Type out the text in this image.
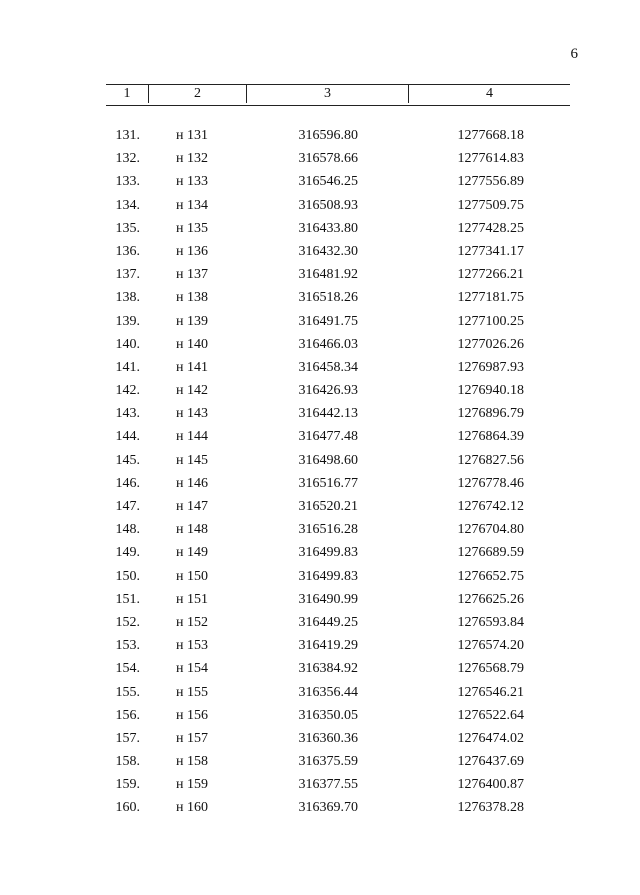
6
1	2	3	4
131.	н 131	316596.80	1277668.18
132.	н 132	316578.66	1277614.83
133.	н 133	316546.25	1277556.89
134.	н 134	316508.93	1277509.75
135.	н 135	316433.80	1277428.25
136.	н 136	316432.30	1277341.17
137.	н 137	316481.92	1277266.21
138.	н 138	316518.26	1277181.75
139.	н 139	316491.75	1277100.25
140.	н 140	316466.03	1277026.26
141.	н 141	316458.34	1276987.93
142.	н 142	316426.93	1276940.18
143.	н 143	316442.13	1276896.79
144.	н 144	316477.48	1276864.39
145.	н 145	316498.60	1276827.56
146.	н 146	316516.77	1276778.46
147.	н 147	316520.21	1276742.12
148.	н 148	316516.28	1276704.80
149.	н 149	316499.83	1276689.59
150.	н 150	316499.83	1276652.75
151.	н 151	316490.99	1276625.26
152.	н 152	316449.25	1276593.84
153.	н 153	316419.29	1276574.20
154.	н 154	316384.92	1276568.79
155.	н 155	316356.44	1276546.21
156.	н 156	316350.05	1276522.64
157.	н 157	316360.36	1276474.02
158.	н 158	316375.59	1276437.69
159.	н 159	316377.55	1276400.87
160.	н 160	316369.70	1276378.28
